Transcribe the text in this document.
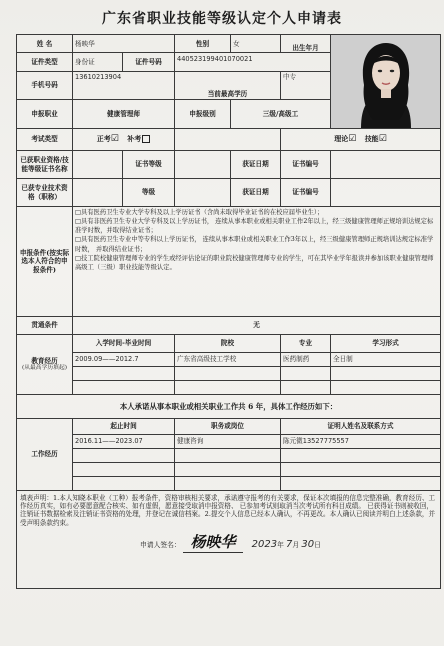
广东省职业技能等级认定个人申请表
姓 名	杨映华		性别	女	出生年月	

证件类型	身份证	证件号码	440523199401070021			
手机号码	13610213904		当前最高学历		中专	
申报职业	健康管理师		申报级别	三级/高级工		
考试类型	正考☑ 补考				理论☑ 技能☑	
已获职业资格/技能等级证书名称		证书等级		获证日期	证书编号	
已获专业技术资格（职称）		等级		获证日期	证书编号	
申报条件(按实际选本人符合的申报条件)	□具有医药卫生专业大学专科及以上学历证书（含尚未取得毕业证书的在校应届毕业生）；
□具有非医药卫生专业大学专科及以上学历证书， 连续从事本职业或相关职业工作2年以上，经三级健康管理师正规培训达规定标准学时数，并取得结业证书；
□具有医药卫生专业中等专科以上学历证书， 连续从事本职业或相关职业工作3年以上，经三级健康管理师正规培训达规定标准学时数， 并取得结业证书；
□技工院校健康管理师专业的学生或经评估论证的职业院校健康管理师专业的学生，可在其毕业学年报读并参加该职业健康管理师高级工（三级）职业技能等级认定。					

贯通条件	无					

教育经历
(从最高学历填起)	入学时间-毕业时间		院校		专业	学习形式
	2009.09——2012.7		广东省高级技工学校		医药制药	全日制

本人承诺从事本职业或相关职业工作共 6 年，具体工作经历如下：						
工作经历	起止时间		职务或岗位		证明人姓名及联系方式	
	2016.11——2023.07		健康咨询		陈元微13527775557	

填表声明：1.本人知晓本职业（工种）报考条件，资格审核相关要求，承诺遵守报考的有关要求，保证本次填报的信息完整准确，教育经历、工作经历真实，如有必要愿意配合核实、如有虚假，愿意接受取消申报资格、 已参加考试则取消当次考试所有科目成绩。 已获得证书则被收回，注销证书数据检索及注销证书资格的处理，并登记在诚信档案。2.提交个人信息已经本人确认，不再更改。本人确认已阅读并明白上述条款，并受声明条款约束。
申请人签名： 杨映华 2023年 7月 30日						
